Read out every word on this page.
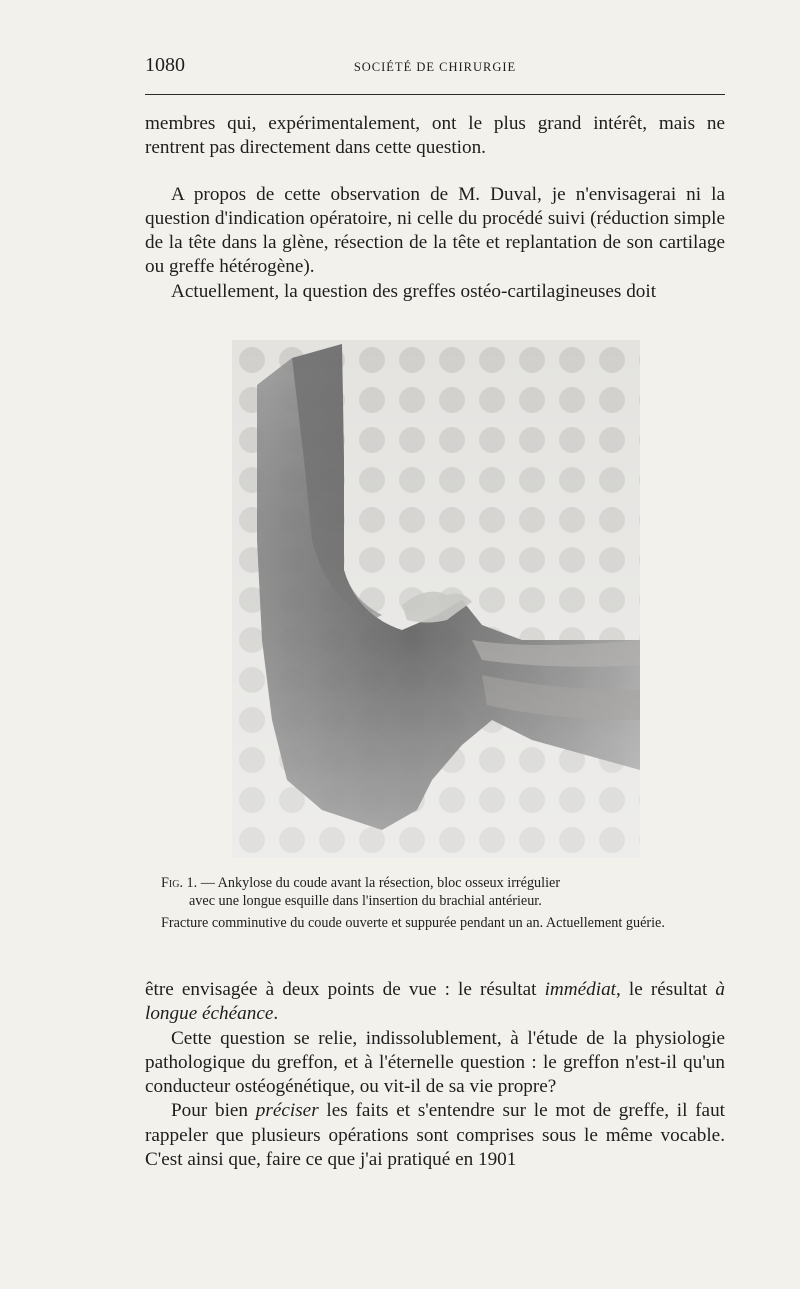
1080	SOCIÉTÉ DE CHIRURGIE

membres qui, expérimentalement, ont le plus grand intérêt, mais ne rentrent pas directement dans cette question.

A propos de cette observation de M. Duval, je n'envisagerai ni la question d'indication opératoire, ni celle du procédé suivi (réduction simple de la tête dans la glène, résection de la tête et replantation de son cartilage ou greffe hétérogène).

Actuellement, la question des greffes ostéo-cartilagineuses doit

Fig. 1. — Ankylose du coude avant la résection, bloc osseux irrégulier

avec une longue esquille dans l'insertion du brachial antérieur.

Fracture comminutive du coude ouverte et suppurée pendant un an. Actuellement guérie.

être envisagée à deux points de vue : le résultat immédiat, le résultat à longue échéance.

Cette question se relie, indissolublement, à l'étude de la physiologie pathologique du greffon, et à l'éternelle question : le greffon n'est-il qu'un conducteur ostéogénétique, ou vit-il de sa vie propre?

Pour bien préciser les faits et s'entendre sur le mot de greffe, il faut rappeler que plusieurs opérations sont comprises sous le même vocable. C'est ainsi que, faire ce que j'ai pratiqué en 1901
